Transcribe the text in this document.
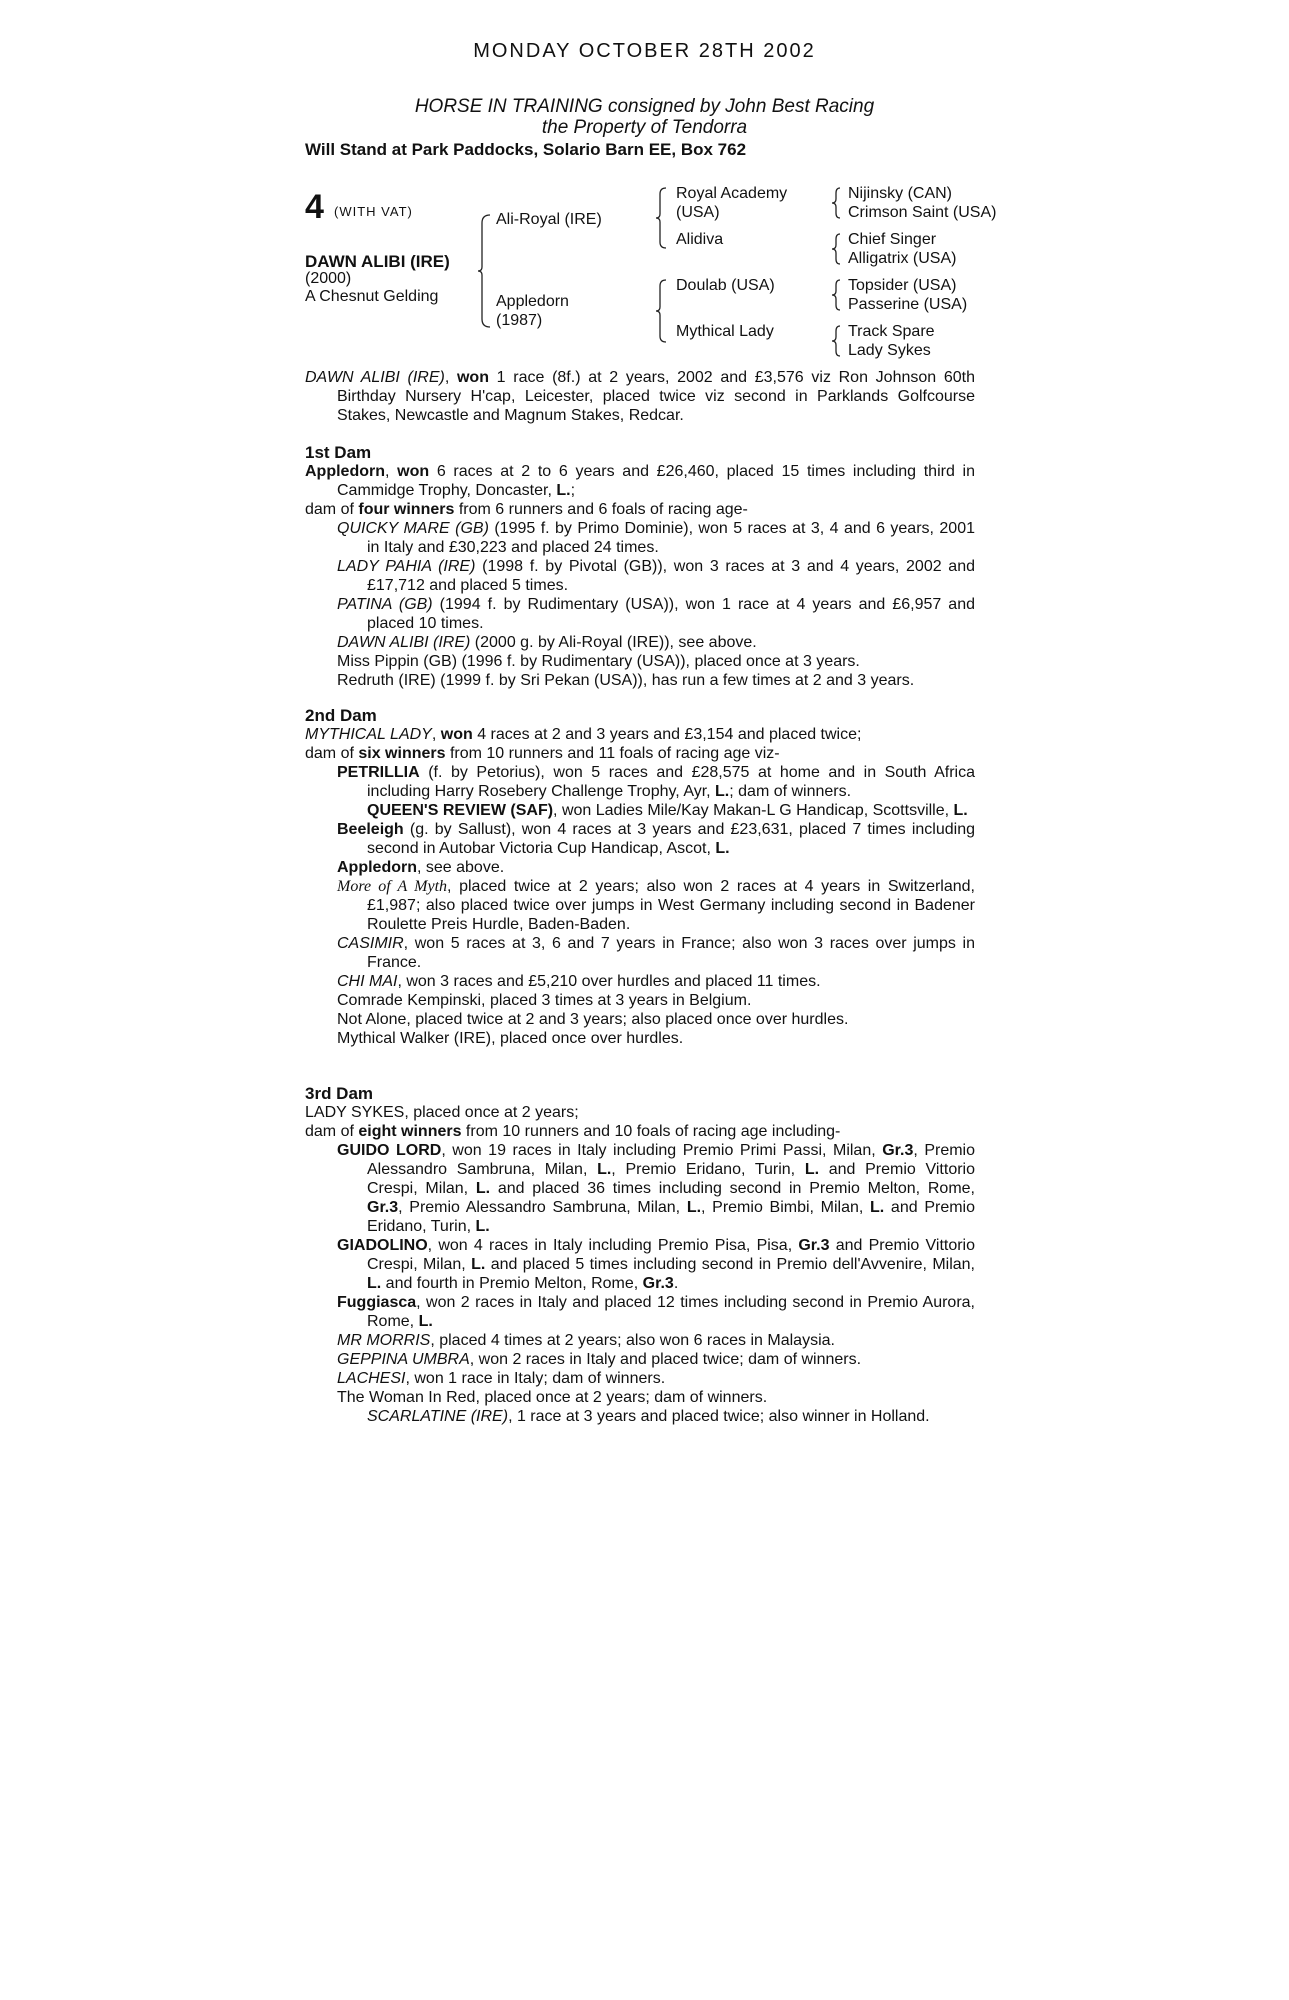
MONDAY OCTOBER 28TH 2002
HORSE IN TRAINING consigned by John Best Racing
the Property of Tendorra
Will Stand at Park Paddocks, Solario Barn EE, Box 762
4 (WITH VAT)
DAWN ALIBI (IRE)
(2000)
A Chesnut Gelding
Ali-Royal (IRE)
Appledorn
(1987)
Royal Academy
(USA)
Alidiva
Doulab (USA)
Mythical Lady
Nijinsky (CAN)
Crimson Saint (USA)
Chief Singer
Alligatrix (USA)
Topsider (USA)
Passerine (USA)
Track Spare
Lady Sykes

DAWN ALIBI (IRE), won 1 race (8f.) at 2 years, 2002 and £3,576 viz Ron Johnson 60th Birthday Nursery H'cap, Leicester, placed twice viz second in Parklands Golfcourse Stakes, Newcastle and Magnum Stakes, Redcar.

1st Dam

Appledorn, won 6 races at 2 to 6 years and £26,460, placed 15 times including third in Cammidge Trophy, Doncaster, L.;

dam of four winners from 6 runners and 6 foals of racing age-

QUICKY MARE (GB) (1995 f. by Primo Dominie), won 5 races at 3, 4 and 6 years, 2001 in Italy and £30,223 and placed 24 times.

LADY PAHIA (IRE) (1998 f. by Pivotal (GB)), won 3 races at 3 and 4 years, 2002 and £17,712 and placed 5 times.

PATINA (GB) (1994 f. by Rudimentary (USA)), won 1 race at 4 years and £6,957 and placed 10 times.

DAWN ALIBI (IRE) (2000 g. by Ali-Royal (IRE)), see above.

Miss Pippin (GB) (1996 f. by Rudimentary (USA)), placed once at 3 years.

Redruth (IRE) (1999 f. by Sri Pekan (USA)), has run a few times at 2 and 3 years.

2nd Dam

MYTHICAL LADY, won 4 races at 2 and 3 years and £3,154 and placed twice;

dam of six winners from 10 runners and 11 foals of racing age viz-

PETRILLIA (f. by Petorius), won 5 races and £28,575 at home and in South Africa including Harry Rosebery Challenge Trophy, Ayr, L.; dam of winners.

QUEEN'S REVIEW (SAF), won Ladies Mile/Kay Makan-L G Handicap, Scottsville, L.

Beeleigh (g. by Sallust), won 4 races at 3 years and £23,631, placed 7 times including second in Autobar Victoria Cup Handicap, Ascot, L.

Appledorn, see above.

More of A Myth, placed twice at 2 years; also won 2 races at 4 years in Switzerland, £1,987; also placed twice over jumps in West Germany including second in Badener Roulette Preis Hurdle, Baden-Baden.

CASIMIR, won 5 races at 3, 6 and 7 years in France; also won 3 races over jumps in France.

CHI MAI, won 3 races and £5,210 over hurdles and placed 11 times.

Comrade Kempinski, placed 3 times at 3 years in Belgium.

Not Alone, placed twice at 2 and 3 years; also placed once over hurdles.

Mythical Walker (IRE), placed once over hurdles.

3rd Dam

LADY SYKES, placed once at 2 years;

dam of eight winners from 10 runners and 10 foals of racing age including-

GUIDO LORD, won 19 races in Italy including Premio Primi Passi, Milan, Gr.3, Premio Alessandro Sambruna, Milan, L., Premio Eridano, Turin, L. and Premio Vittorio Crespi, Milan, L. and placed 36 times including second in Premio Melton, Rome, Gr.3, Premio Alessandro Sambruna, Milan, L., Premio Bimbi, Milan, L. and Premio Eridano, Turin, L.

GIADOLINO, won 4 races in Italy including Premio Pisa, Pisa, Gr.3 and Premio Vittorio Crespi, Milan, L. and placed 5 times including second in Premio dell'Avvenire, Milan, L. and fourth in Premio Melton, Rome, Gr.3.

Fuggiasca, won 2 races in Italy and placed 12 times including second in Premio Aurora, Rome, L.

MR MORRIS, placed 4 times at 2 years; also won 6 races in Malaysia.

GEPPINA UMBRA, won 2 races in Italy and placed twice; dam of winners.

LACHESI, won 1 race in Italy; dam of winners.

The Woman In Red, placed once at 2 years; dam of winners.

SCARLATINE (IRE), 1 race at 3 years and placed twice; also winner in Holland.
